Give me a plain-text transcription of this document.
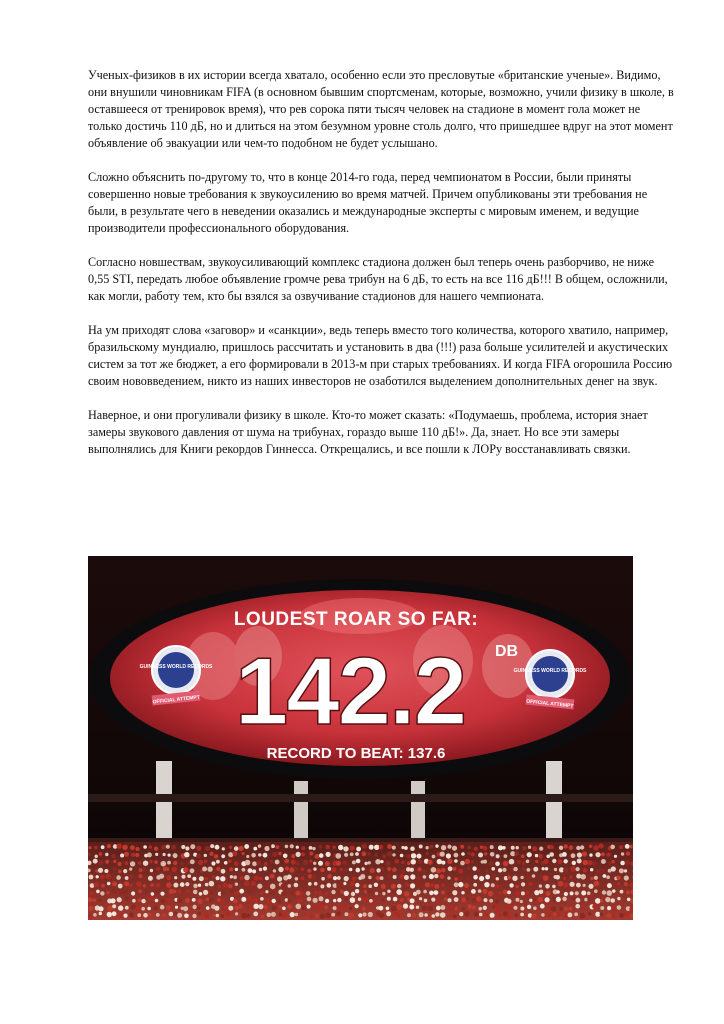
Ученых-физиков в их истории всегда хватало, особенно если это пресловутые «британские ученые». Видимо, они внушили чиновникам FIFA (в основном бывшим спортсменам, которые, возможно, учили физику в школе, в оставшееся от тренировок время), что рев сорока пяти тысяч человек на стадионе в момент гола может не только достичь 110 дБ, но и длиться на этом безумном уровне столь долго, что пришедшее вдруг на этот момент объявление об эвакуации или чем-то подобном не будет услышано.

Сложно объяснить по-другому то, что в конце 2014-го года, перед чемпионатом в России, были приняты совершенно новые требования к звукоусилению во время матчей. Причем опубликованы эти требования не были, в результате чего в неведении оказались и международные эксперты с мировым именем, и ведущие производители профессионального оборудования.

Согласно новшествам, звукоусиливающий комплекс стадиона должен был теперь очень разборчиво, не ниже 0,55 STI, передать любое объявление громче рева трибун на 6 дБ, то есть на все 116 дБ!!! В общем, осложнили, как могли, работу тем, кто бы взялся за озвучивание стадионов для нашего чемпионата.

На ум приходят слова «заговор» и «санкции», ведь теперь вместо того количества, которого хватило, например, бразильскому мундиалю, пришлось рассчитать и установить в два (!!!) раза больше усилителей и акустических систем за тот же бюджет, а его формировали в 2013-м при старых требованиях. И когда FIFA огорошила Россию своим нововведением, никто из наших инвесторов не озаботился выделением дополнительных денег на звук.

Наверное, и они прогуливали физику в школе. Кто-то может сказать: «Подумаешь, проблема, история знает замеры звукового давления от шума на трибунах, гораздо выше 110 дБ!». Да, знает. Но все эти замеры выполнялись для Книги рекордов Гиннесса. Открещались, и все пошли к ЛОРу восстанавливать связки.

GUINNESS WORLD RECORDS
OFFICIAL ATTEMPT
GUINNESS WORLD RECORDS
OFFICIAL ATTEMPT
LOUDEST ROAR SO FAR:
142.2 DB
RECORD TO BEAT: 137.6
